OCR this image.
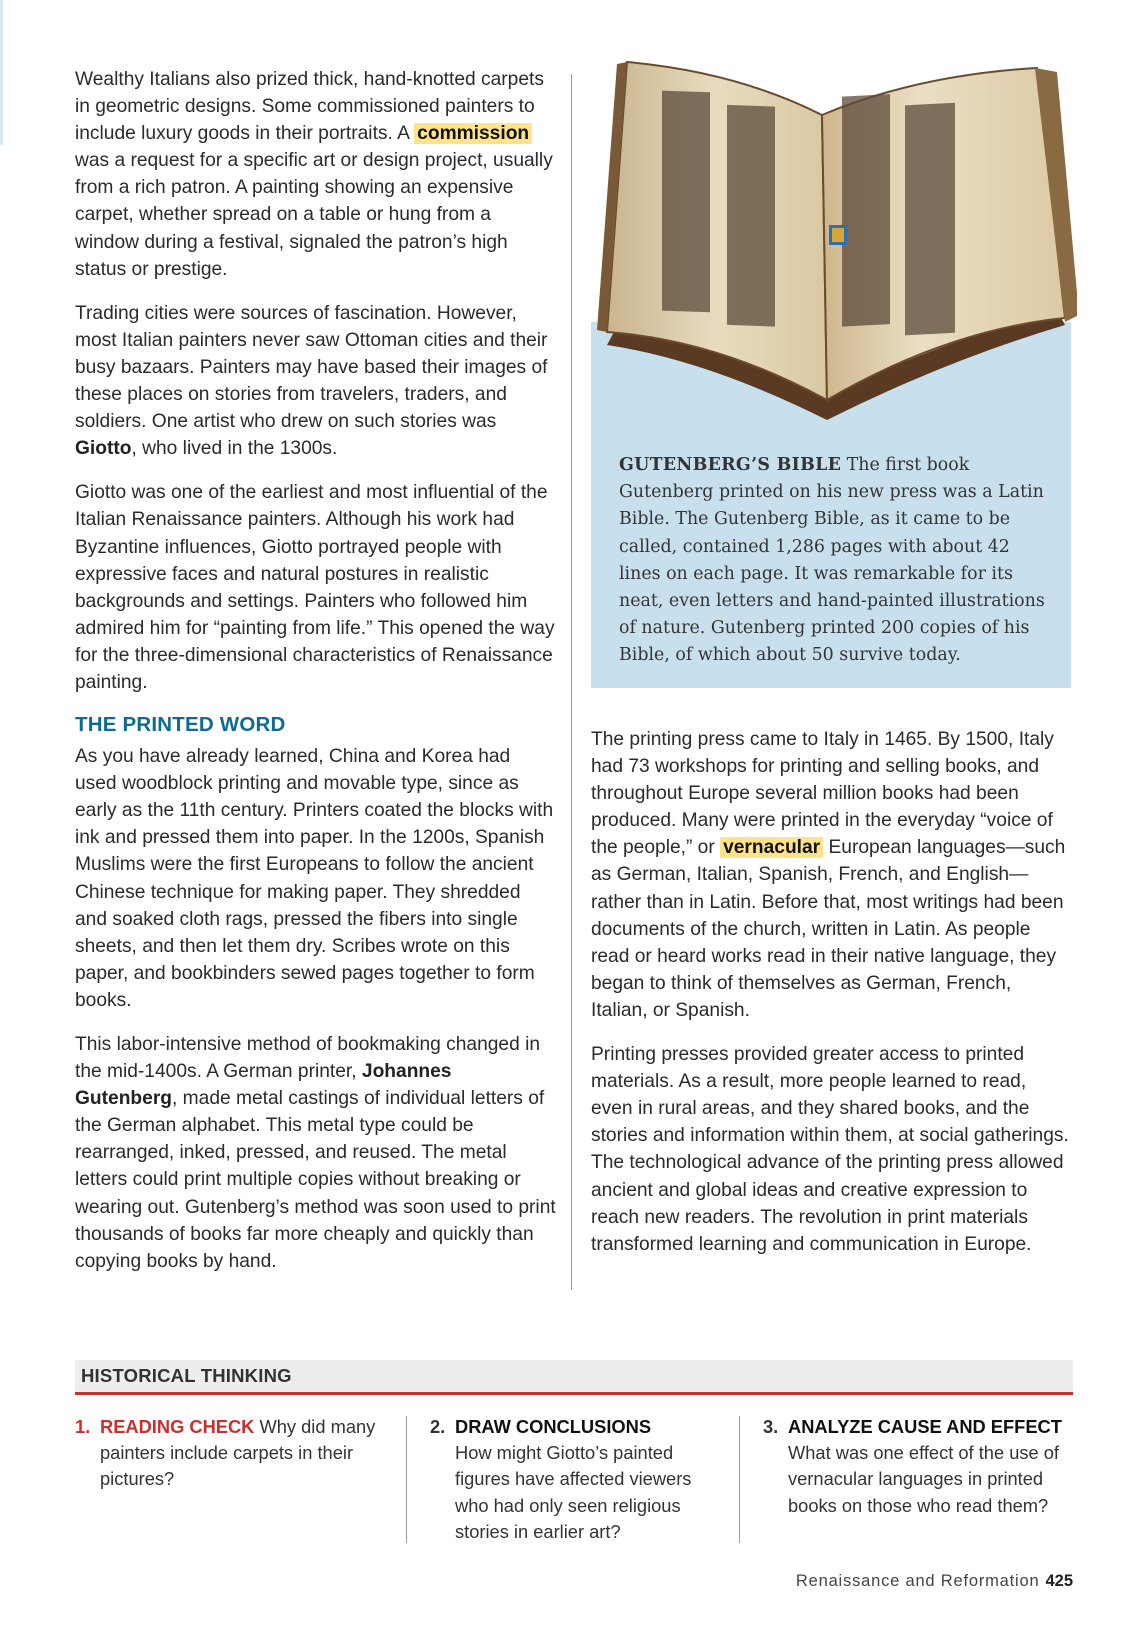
Wealthy Italians also prized thick, hand-knotted carpets in geometric designs. Some commissioned painters to include luxury goods in their portraits. A commission was a request for a specific art or design project, usually from a rich patron. A painting showing an expensive carpet, whether spread on a table or hung from a window during a festival, signaled the patron’s high status or prestige.

Trading cities were sources of fascination. However, most Italian painters never saw Ottoman cities and their busy bazaars. Painters may have based their images of these places on stories from travelers, traders, and soldiers. One artist who drew on such stories was Giotto, who lived in the 1300s.

Giotto was one of the earliest and most influential of the Italian Renaissance painters. Although his work had Byzantine influences, Giotto portrayed people with expressive faces and natural postures in realistic backgrounds and settings. Painters who followed him admired him for “painting from life.” This opened the way for the three-dimensional characteristics of Renaissance painting.

THE PRINTED WORD

As you have already learned, China and Korea had used woodblock printing and movable type, since as early as the 11th century. Printers coated the blocks with ink and pressed them into paper. In the 1200s, Spanish Muslims were the first Europeans to follow the ancient Chinese technique for making paper. They shredded and soaked cloth rags, pressed the fibers into single sheets, and then let them dry. Scribes wrote on this paper, and bookbinders sewed pages together to form books.

This labor-intensive method of bookmaking changed in the mid-1400s. A German printer, Johannes Gutenberg, made metal castings of individual letters of the German alphabet. This metal type could be rearranged, inked, pressed, and reused. The metal letters could print multiple copies without breaking or wearing out. Gutenberg’s method was soon used to print thousands of books far more cheaply and quickly than copying books by hand.

GUTENBERG’S BIBLE The first book Gutenberg printed on his new press was a Latin Bible. The Gutenberg Bible, as it came to be called, contained 1,286 pages with about 42 lines on each page. It was remarkable for its neat, even letters and hand-painted illustrations of nature. Gutenberg printed 200 copies of his Bible, of which about 50 survive today.

The printing press came to Italy in 1465. By 1500, Italy had 73 workshops for printing and selling books, and throughout Europe several million books had been produced. Many were printed in the everyday “voice of the people,” or vernacular European languages—such as German, Italian, Spanish, French, and English—rather than in Latin. Before that, most writings had been documents of the church, written in Latin. As people read or heard works read in their native language, they began to think of themselves as German, French, Italian, or Spanish.

Printing presses provided greater access to printed materials. As a result, more people learned to read, even in rural areas, and they shared books, and the stories and information within them, at social gatherings. The technological advance of the printing press allowed ancient and global ideas and creative expression to reach new readers. The revolution in print materials transformed learning and communication in Europe.

HISTORICAL THINKING
1. READING CHECK Why did many painters include carpets in their pictures?
2. DRAW CONCLUSIONS
How might Giotto’s painted figures have affected viewers who had only seen religious stories in earlier art?
3. ANALYZE CAUSE AND EFFECT What was one effect of the use of vernacular languages in printed books on those who read them?
Renaissance and Reformation 425
